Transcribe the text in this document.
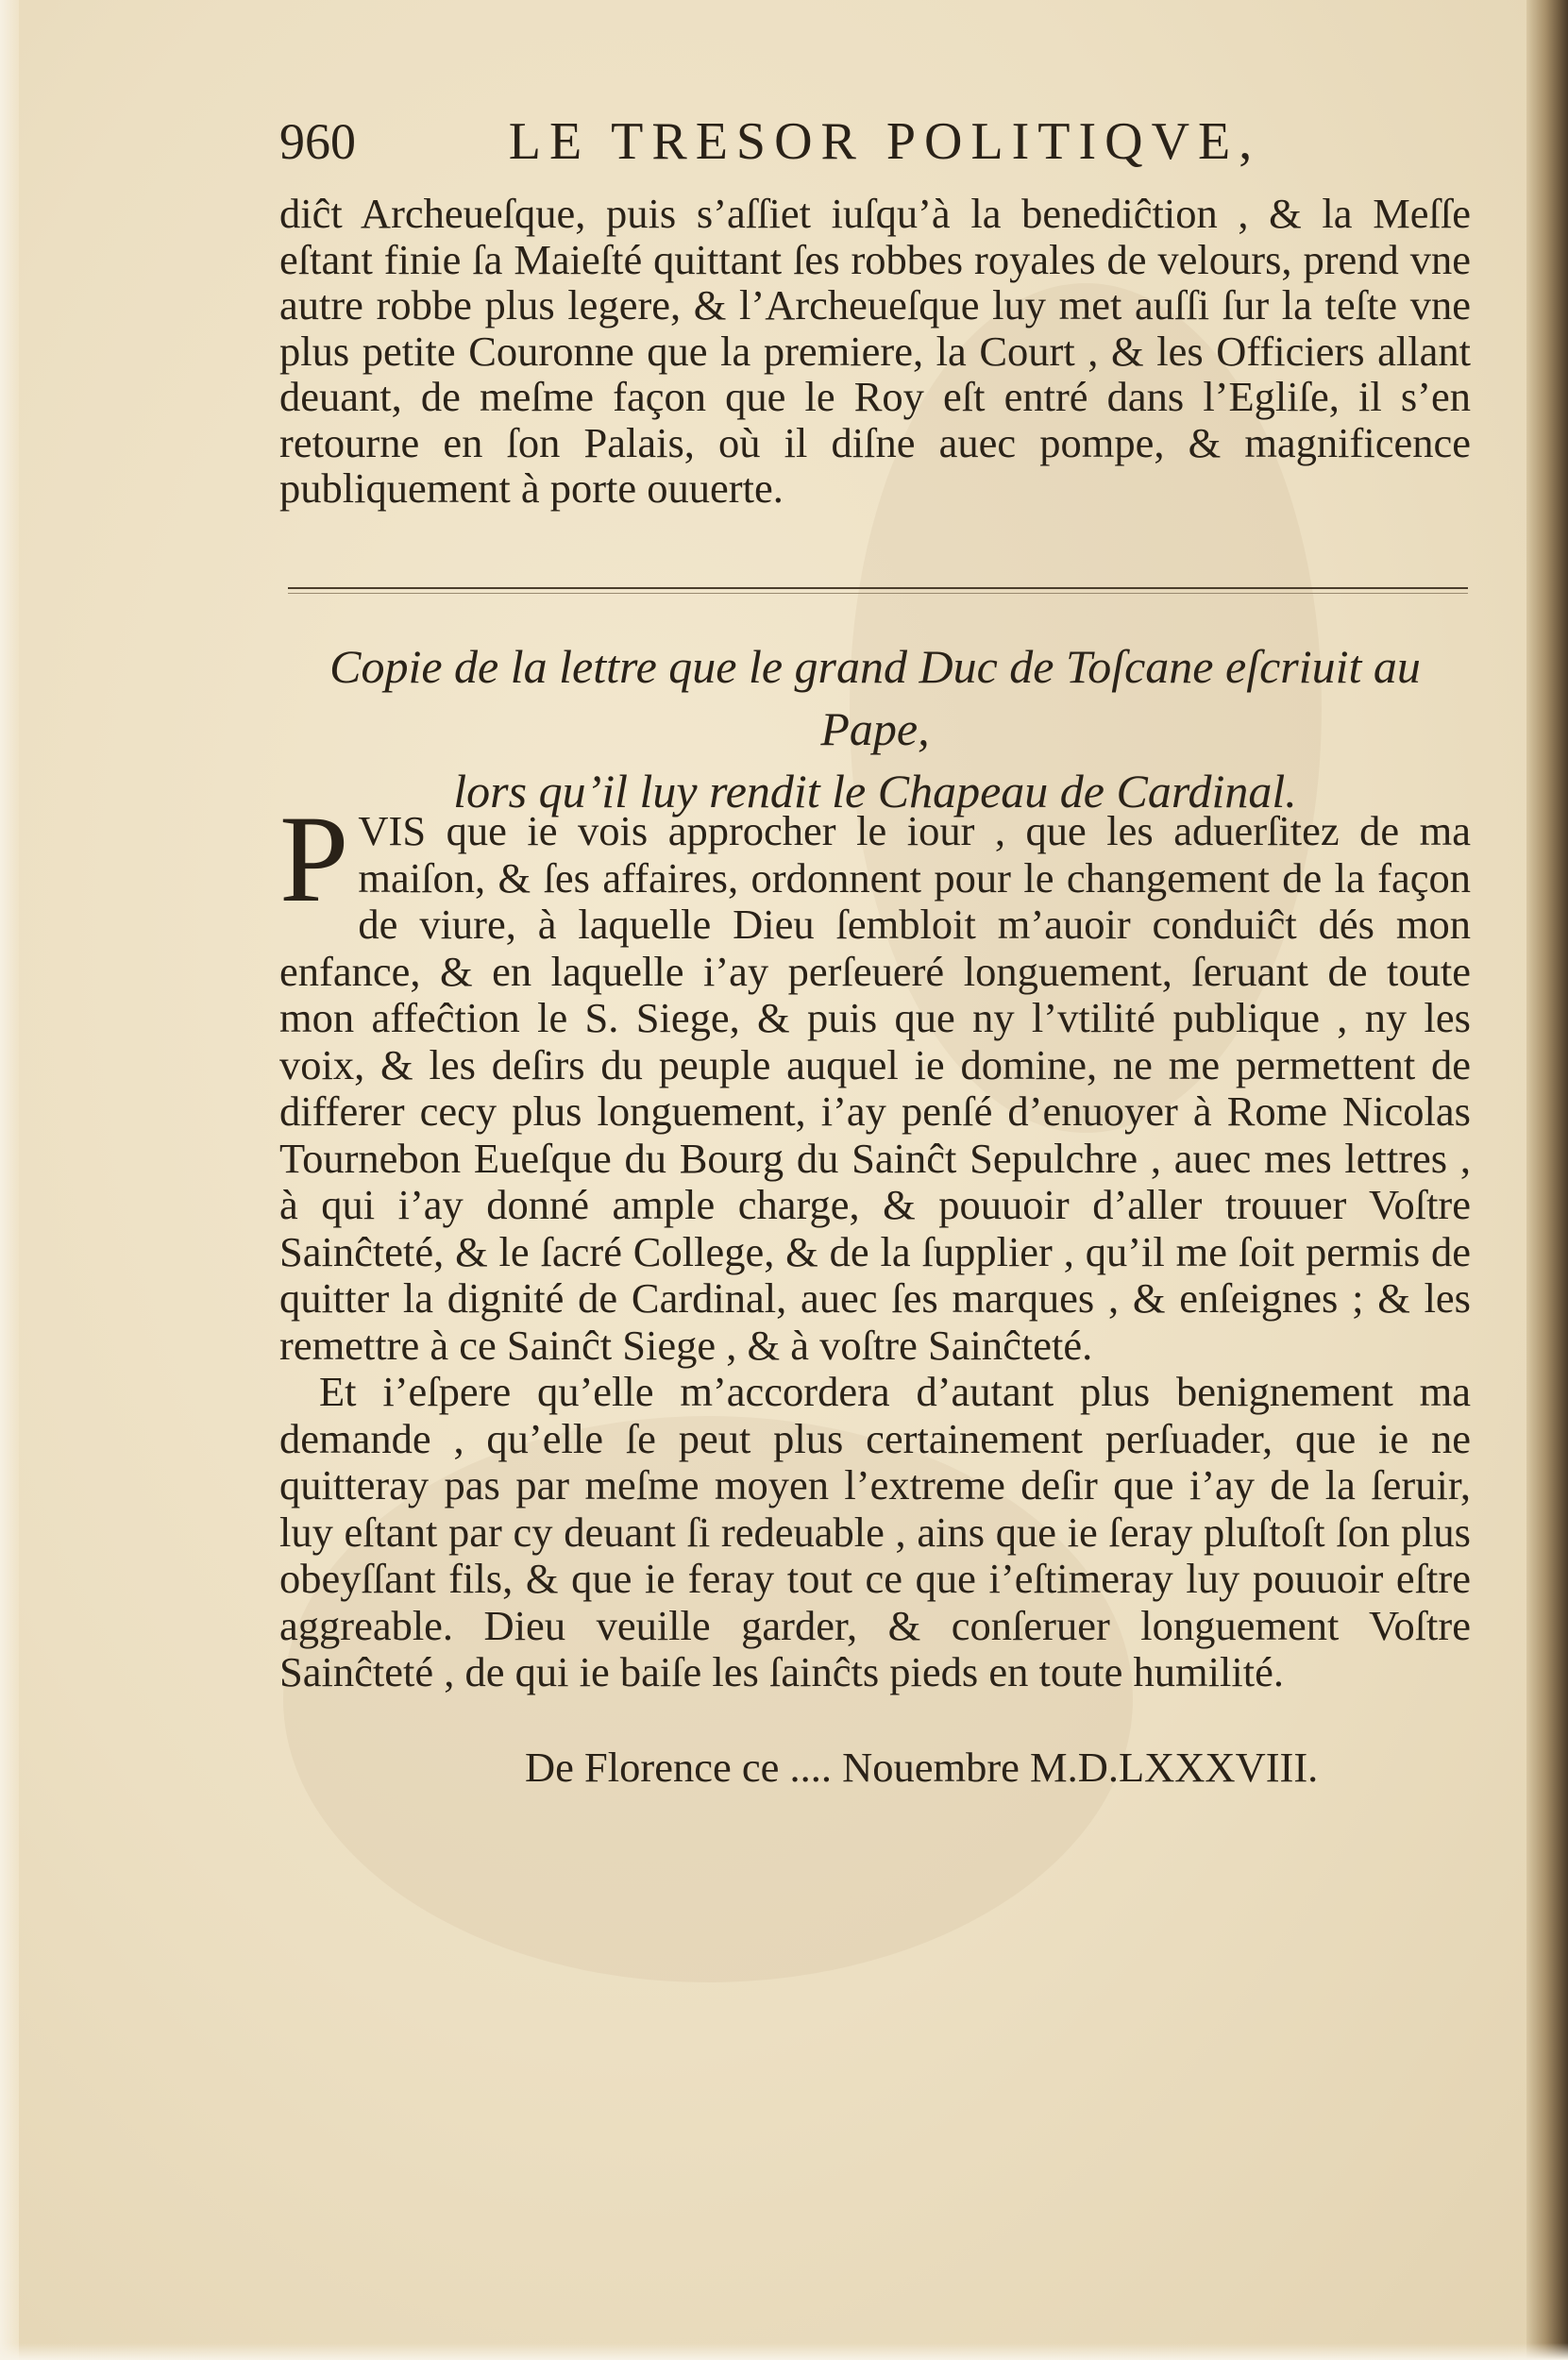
960	LE TRESOR POLITIQVE,

diĉt Archeueſque, puis s’aſſiet iuſqu’à la benediĉtion , & la Meſſe eſtant finie ſa Maieſté quittant ſes robbes royales de velours, prend vne autre robbe plus legere, & l’Archeueſque luy met auſſi ſur la teſte vne plus petite Couronne que la premiere, la Court , & les Officiers allant deuant, de meſme façon que le Roy eſt entré dans l’Egliſe, il s’en retourne en ſon Palais, où il diſne auec pompe, & magnificence publiquement à porte ouuerte.

Copie de la lettre que le grand Duc de Toſcane eſcriuit au Pape,
lors qu’il luy rendit le Chapeau de Cardinal.

PVIS que ie vois approcher le iour , que les aduerſitez de ma maiſon, & ſes affaires, ordonnent pour le changement de la façon de viure, à laquelle Dieu ſembloit m’auoir conduiĉt dés mon enfance, & en laquelle i’ay perſeueré longuement, ſeruant de toute mon affeĉtion le S. Siege, & puis que ny l’vtilité publique , ny les voix, & les deſirs du peuple auquel ie domine, ne me permettent de differer cecy plus longuement, i’ay penſé d’enuoyer à Rome Nicolas Tournebon Eueſque du Bourg du Sainĉt Sepulchre , auec mes lettres , à qui i’ay donné ample charge, & pouuoir d’aller trouuer Voſtre Sainĉteté, & le ſacré College, & de la ſupplier , qu’il me ſoit permis de quitter la dignité de Cardinal, auec ſes marques , & enſeignes ; & les remettre à ce Sainĉt Siege , & à voſtre Sainĉteté.

Et i’eſpere qu’elle m’accordera d’autant plus benignement ma demande , qu’elle ſe peut plus certainement perſuader, que ie ne quitteray pas par meſme moyen l’extreme deſir que i’ay de la ſeruir, luy eſtant par cy deuant ſi redeuable , ains que ie ſeray pluſtoſt ſon plus obeyſſant fils, & que ie feray tout ce que i’eſtimeray luy pouuoir eſtre aggreable. Dieu veuille garder, & conſeruer longuement Voſtre Sainĉteté , de qui ie baiſe les ſainĉts pieds en toute humilité.

De Florence ce .... Nouembre M.D.LXXXVIII.
